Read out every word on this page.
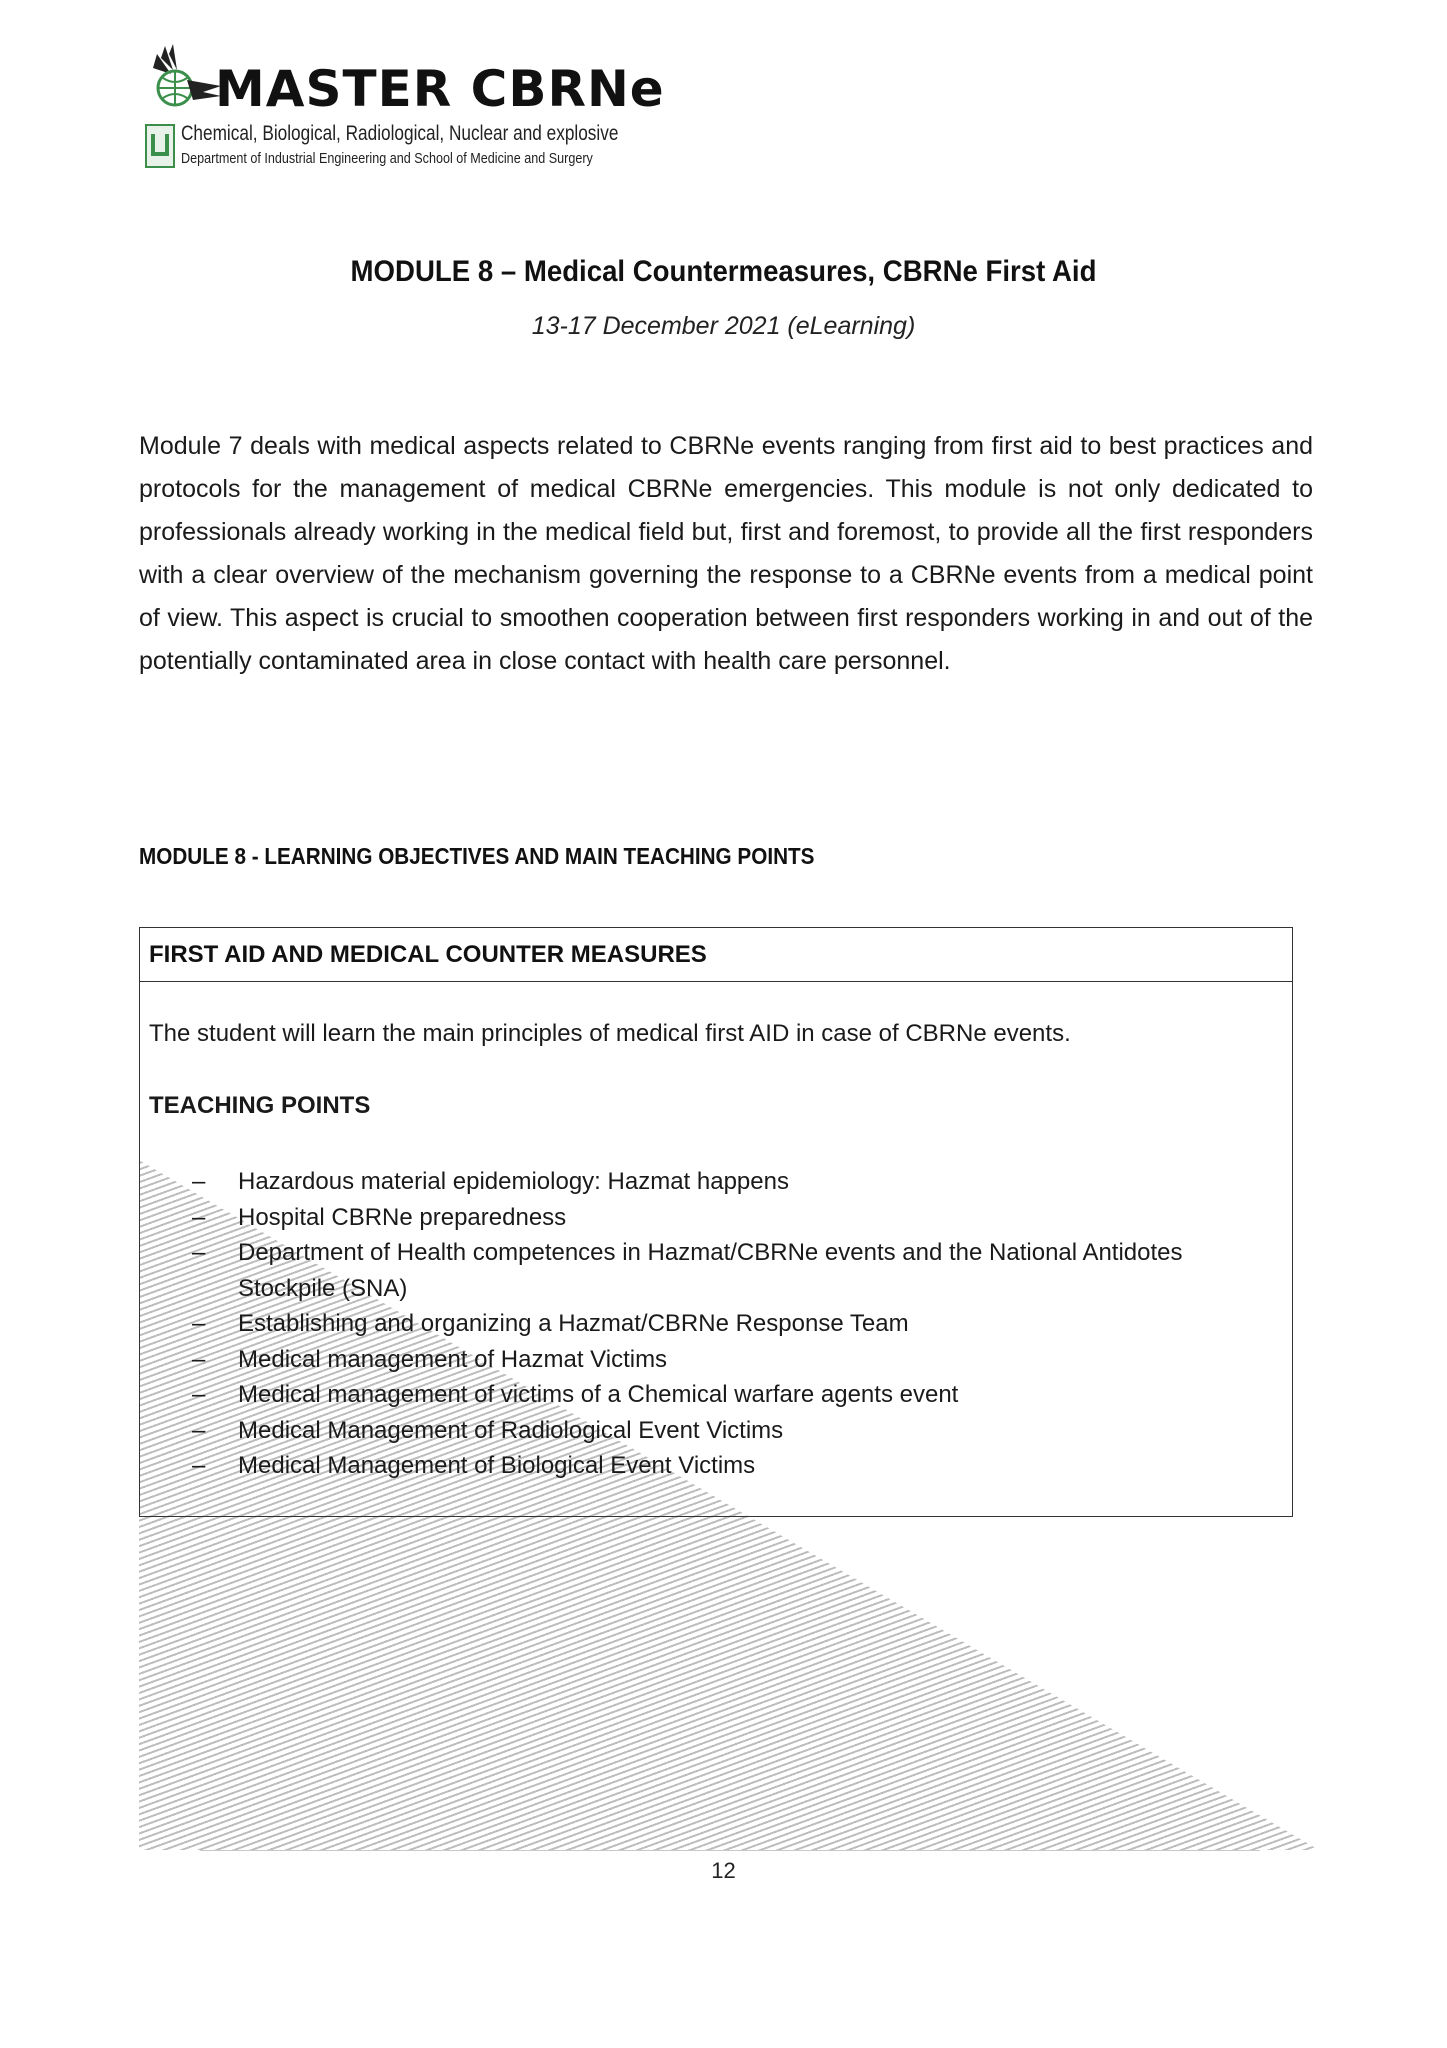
MASTER CBRNe
Chemical, Biological, Radiological, Nuclear and explosive
Department of Industrial Engineering and School of Medicine and Surgery
MODULE 8 – Medical Countermeasures, CBRNe First Aid
13-17 December 2021 (eLearning)

Module 7 deals with medical aspects related to CBRNe events ranging from first aid to best practices and protocols for the management of medical CBRNe emergencies. This module is not only dedicated to professionals already working in the medical field but, first and foremost, to provide all the first responders with a clear overview of the mechanism governing the response to a CBRNe events from a medical point of view. This aspect is crucial to smoothen cooperation between first responders working in and out of the potentially contaminated area in close contact with health care personnel.

MODULE 8 - LEARNING OBJECTIVES AND MAIN TEACHING POINTS
FIRST AID AND MEDICAL COUNTER MEASURES
The student will learn the main principles of medical first AID in case of CBRNe events.
TEACHING POINTS
– Hazardous material epidemiology: Hazmat happens
– Hospital CBRNe preparedness
– Department of Health competences in Hazmat/CBRNe events and the National Antidotes Stockpile (SNA)
– Establishing and organizing a Hazmat/CBRNe Response Team
– Medical management of Hazmat Victims
– Medical management of victims of a Chemical warfare agents event
– Medical Management of Radiological Event Victims
– Medical Management of Biological Event Victims
12
